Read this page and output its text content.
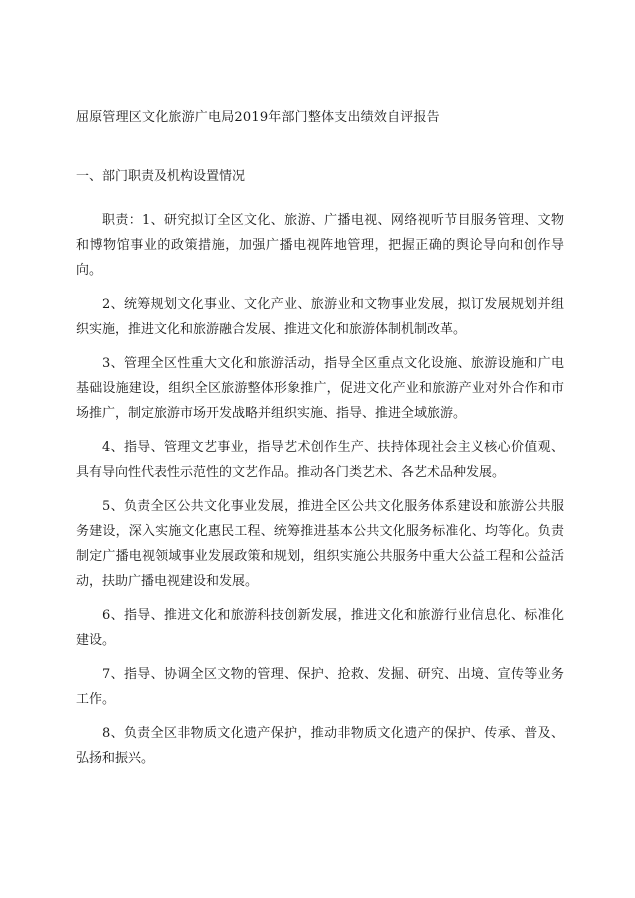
屈原管理区文化旅游广电局2019年部门整体支出绩效自评报告
一、部门职责及机构设置情况

职责：1、研究拟订全区文化、旅游、广播电视、网络视听节目服务管理、文物和博物馆事业的政策措施，加强广播电视阵地管理，把握正确的舆论导向和创作导向。

2、统筹规划文化事业、文化产业、旅游业和文物事业发展，拟订发展规划并组织实施，推进文化和旅游融合发展、推进文化和旅游体制机制改革。

3、管理全区性重大文化和旅游活动，指导全区重点文化设施、旅游设施和广电基础设施建设，组织全区旅游整体形象推广，促进文化产业和旅游产业对外合作和市场推广，制定旅游市场开发战略并组织实施、指导、推进全域旅游。

4、指导、管理文艺事业，指导艺术创作生产、扶持体现社会主义核心价值观、具有导向性代表性示范性的文艺作品。推动各门类艺术、各艺术品种发展。

5、负责全区公共文化事业发展，推进全区公共文化服务体系建设和旅游公共服务建设，深入实施文化惠民工程、统筹推进基本公共文化服务标准化、均等化。负责制定广播电视领域事业发展政策和规划，组织实施公共服务中重大公益工程和公益活动，扶助广播电视建设和发展。

6、指导、推进文化和旅游科技创新发展，推进文化和旅游行业信息化、标准化建设。

7、指导、协调全区文物的管理、保护、抢救、发掘、研究、出境、宣传等业务工作。

8、负责全区非物质文化遗产保护，推动非物质文化遗产的保护、传承、普及、弘扬和振兴。
